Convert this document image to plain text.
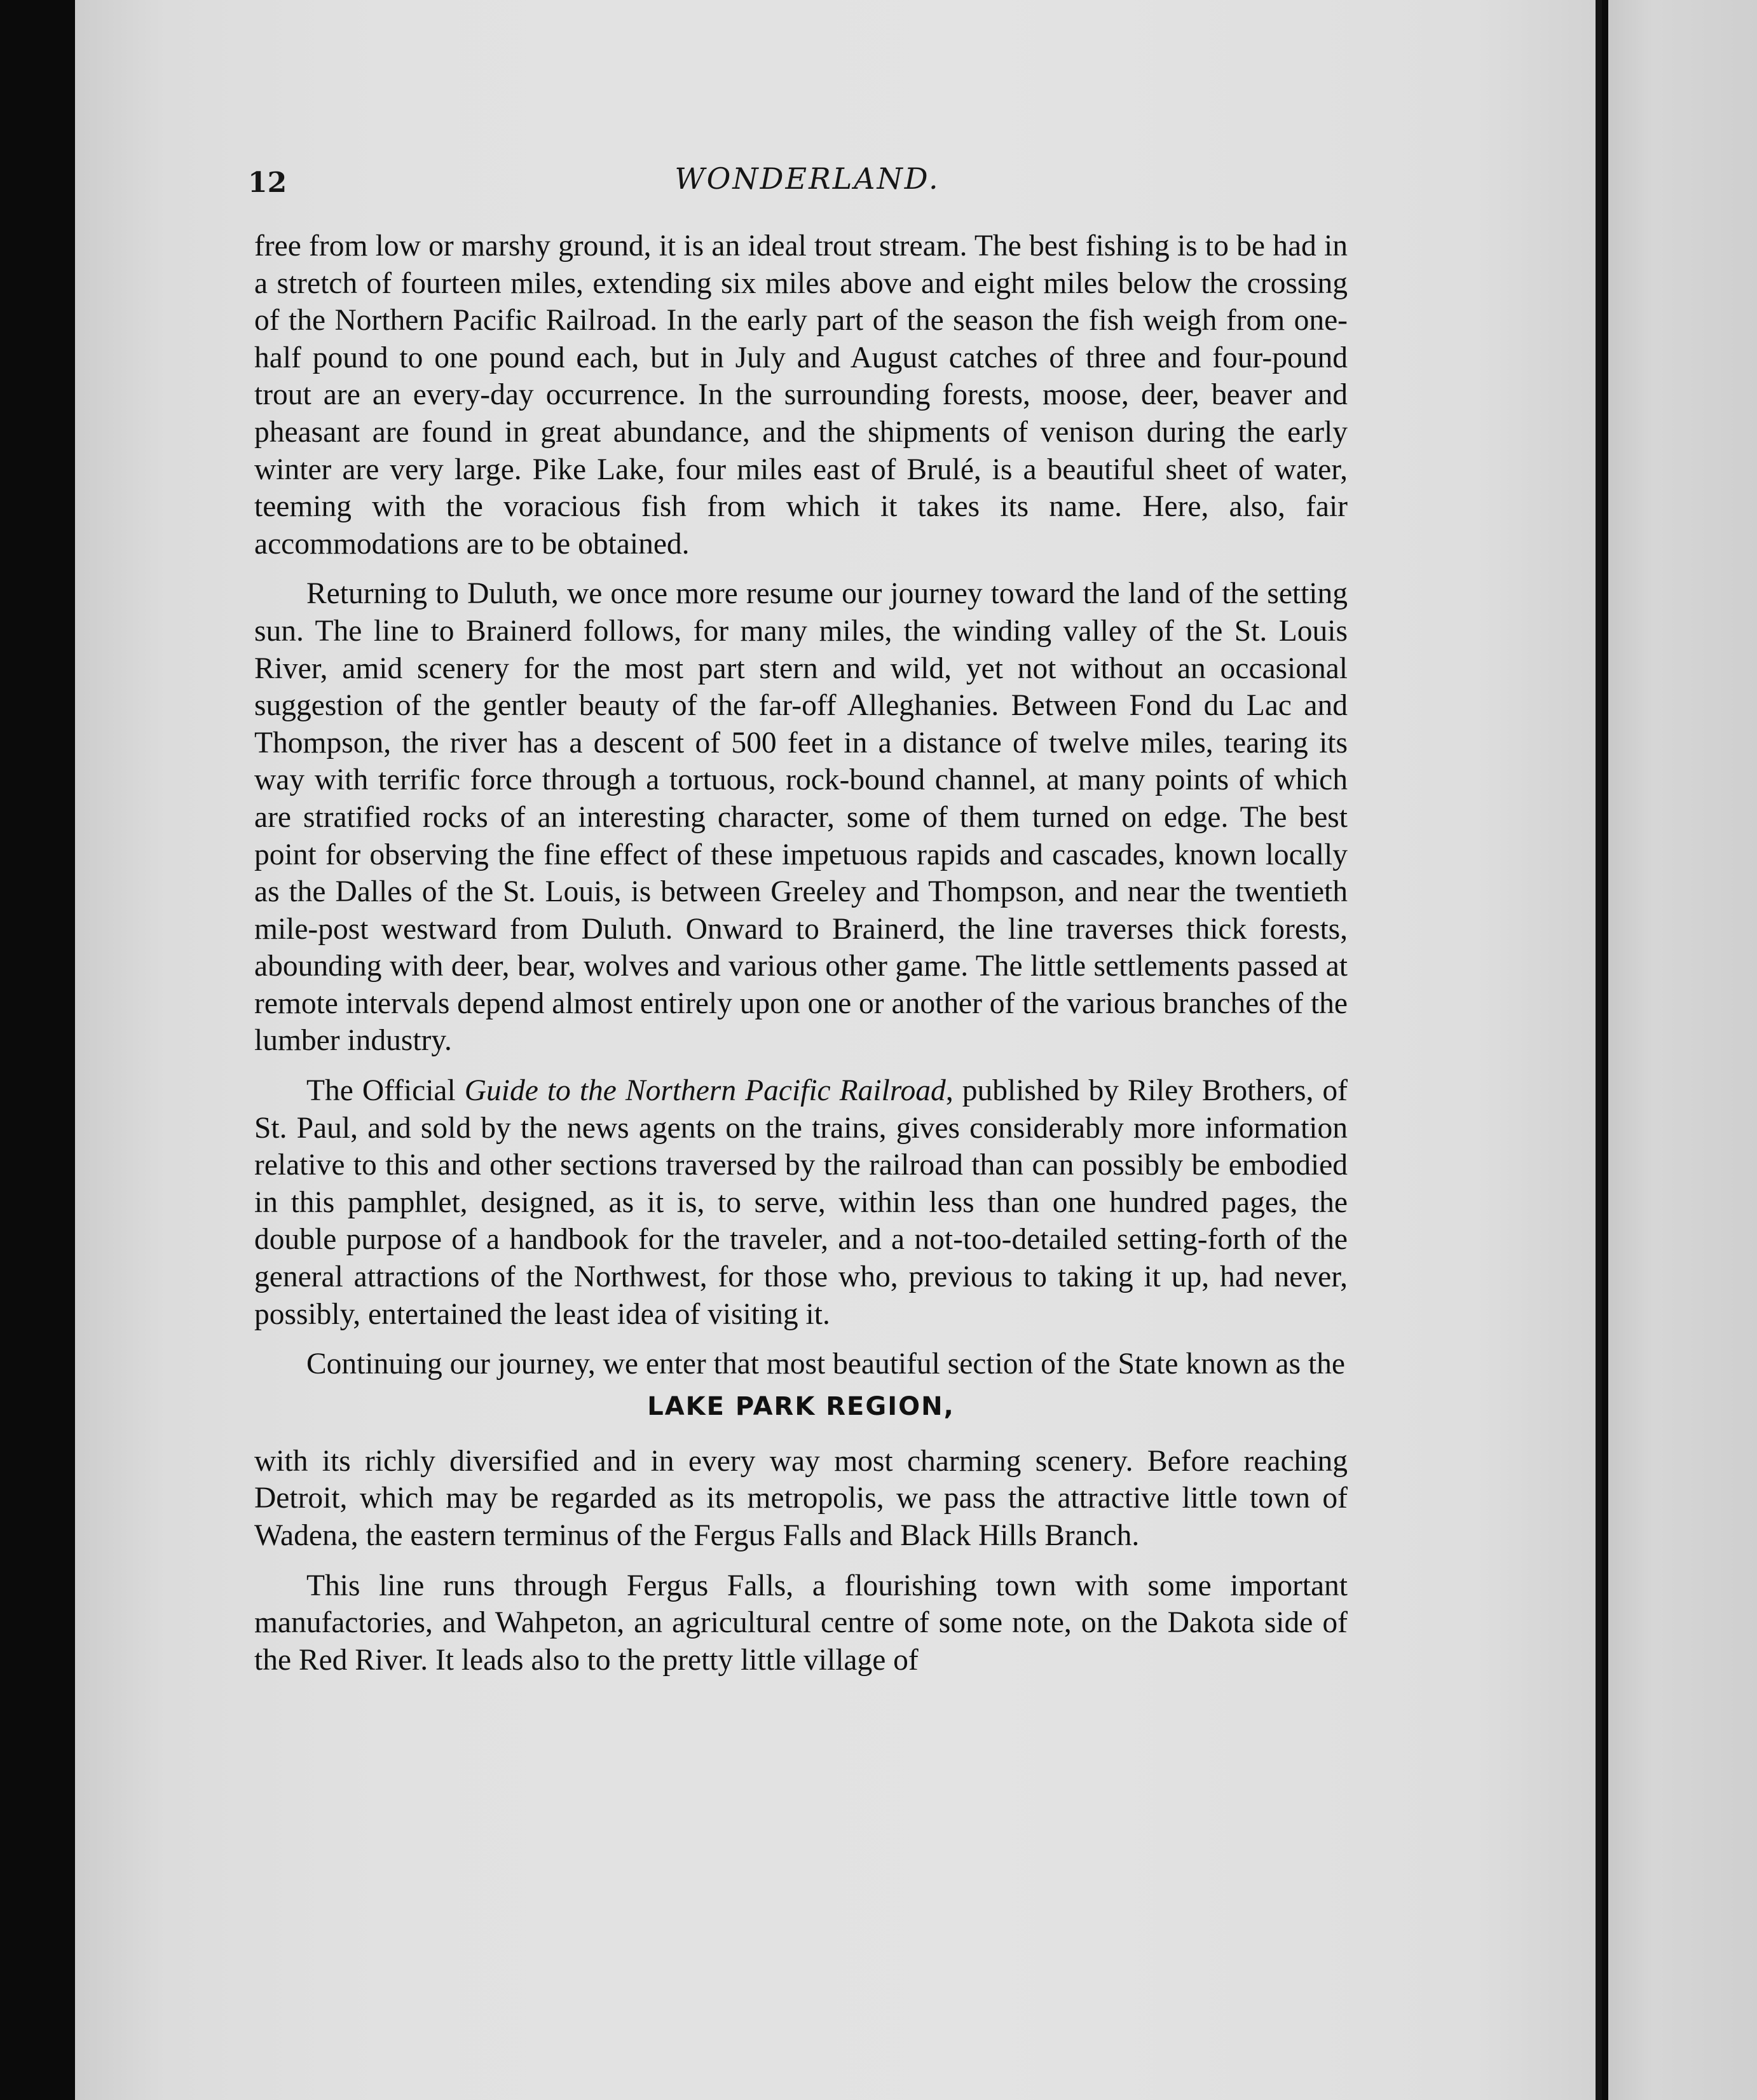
12	WONDERLAND.

free from low or marshy ground, it is an ideal trout stream. The best fishing is to be had in a stretch of fourteen miles, extending six miles above and eight miles below the crossing of the Northern Pacific Railroad. In the early part of the season the fish weigh from one-half pound to one pound each, but in July and August catches of three and four-pound trout are an every-day occurrence. In the surrounding forests, moose, deer, beaver and pheasant are found in great abundance, and the shipments of venison during the early winter are very large. Pike Lake, four miles east of Brulé, is a beautiful sheet of water, teeming with the voracious fish from which it takes its name. Here, also, fair accommodations are to be obtained.

Returning to Duluth, we once more resume our journey toward the land of the setting sun. The line to Brainerd follows, for many miles, the winding valley of the St. Louis River, amid scenery for the most part stern and wild, yet not without an occasional suggestion of the gentler beauty of the far-off Alleghanies. Between Fond du Lac and Thompson, the river has a descent of 500 feet in a distance of twelve miles, tearing its way with terrific force through a tortuous, rock-bound channel, at many points of which are stratified rocks of an interesting character, some of them turned on edge. The best point for observing the fine effect of these impetuous rapids and cascades, known locally as the Dalles of the St. Louis, is between Greeley and Thompson, and near the twentieth mile-post westward from Duluth. Onward to Brainerd, the line traverses thick forests, abounding with deer, bear, wolves and various other game. The little settlements passed at remote intervals depend almost entirely upon one or another of the various branches of the lumber industry.

The Official Guide to the Northern Pacific Railroad, published by Riley Brothers, of St. Paul, and sold by the news agents on the trains, gives considerably more information relative to this and other sections traversed by the railroad than can possibly be embodied in this pamphlet, designed, as it is, to serve, within less than one hundred pages, the double purpose of a handbook for the traveler, and a not-too-detailed setting-forth of the general attractions of the Northwest, for those who, previous to taking it up, had never, possibly, entertained the least idea of visiting it.

Continuing our journey, we enter that most beautiful section of the State known as the

LAKE PARK REGION,

with its richly diversified and in every way most charming scenery. Before reaching Detroit, which may be regarded as its metropolis, we pass the attractive little town of Wadena, the eastern terminus of the Fergus Falls and Black Hills Branch.

This line runs through Fergus Falls, a flourishing town with some important manufactories, and Wahpeton, an agricultural centre of some note, on the Dakota side of the Red River. It leads also to the pretty little village of
